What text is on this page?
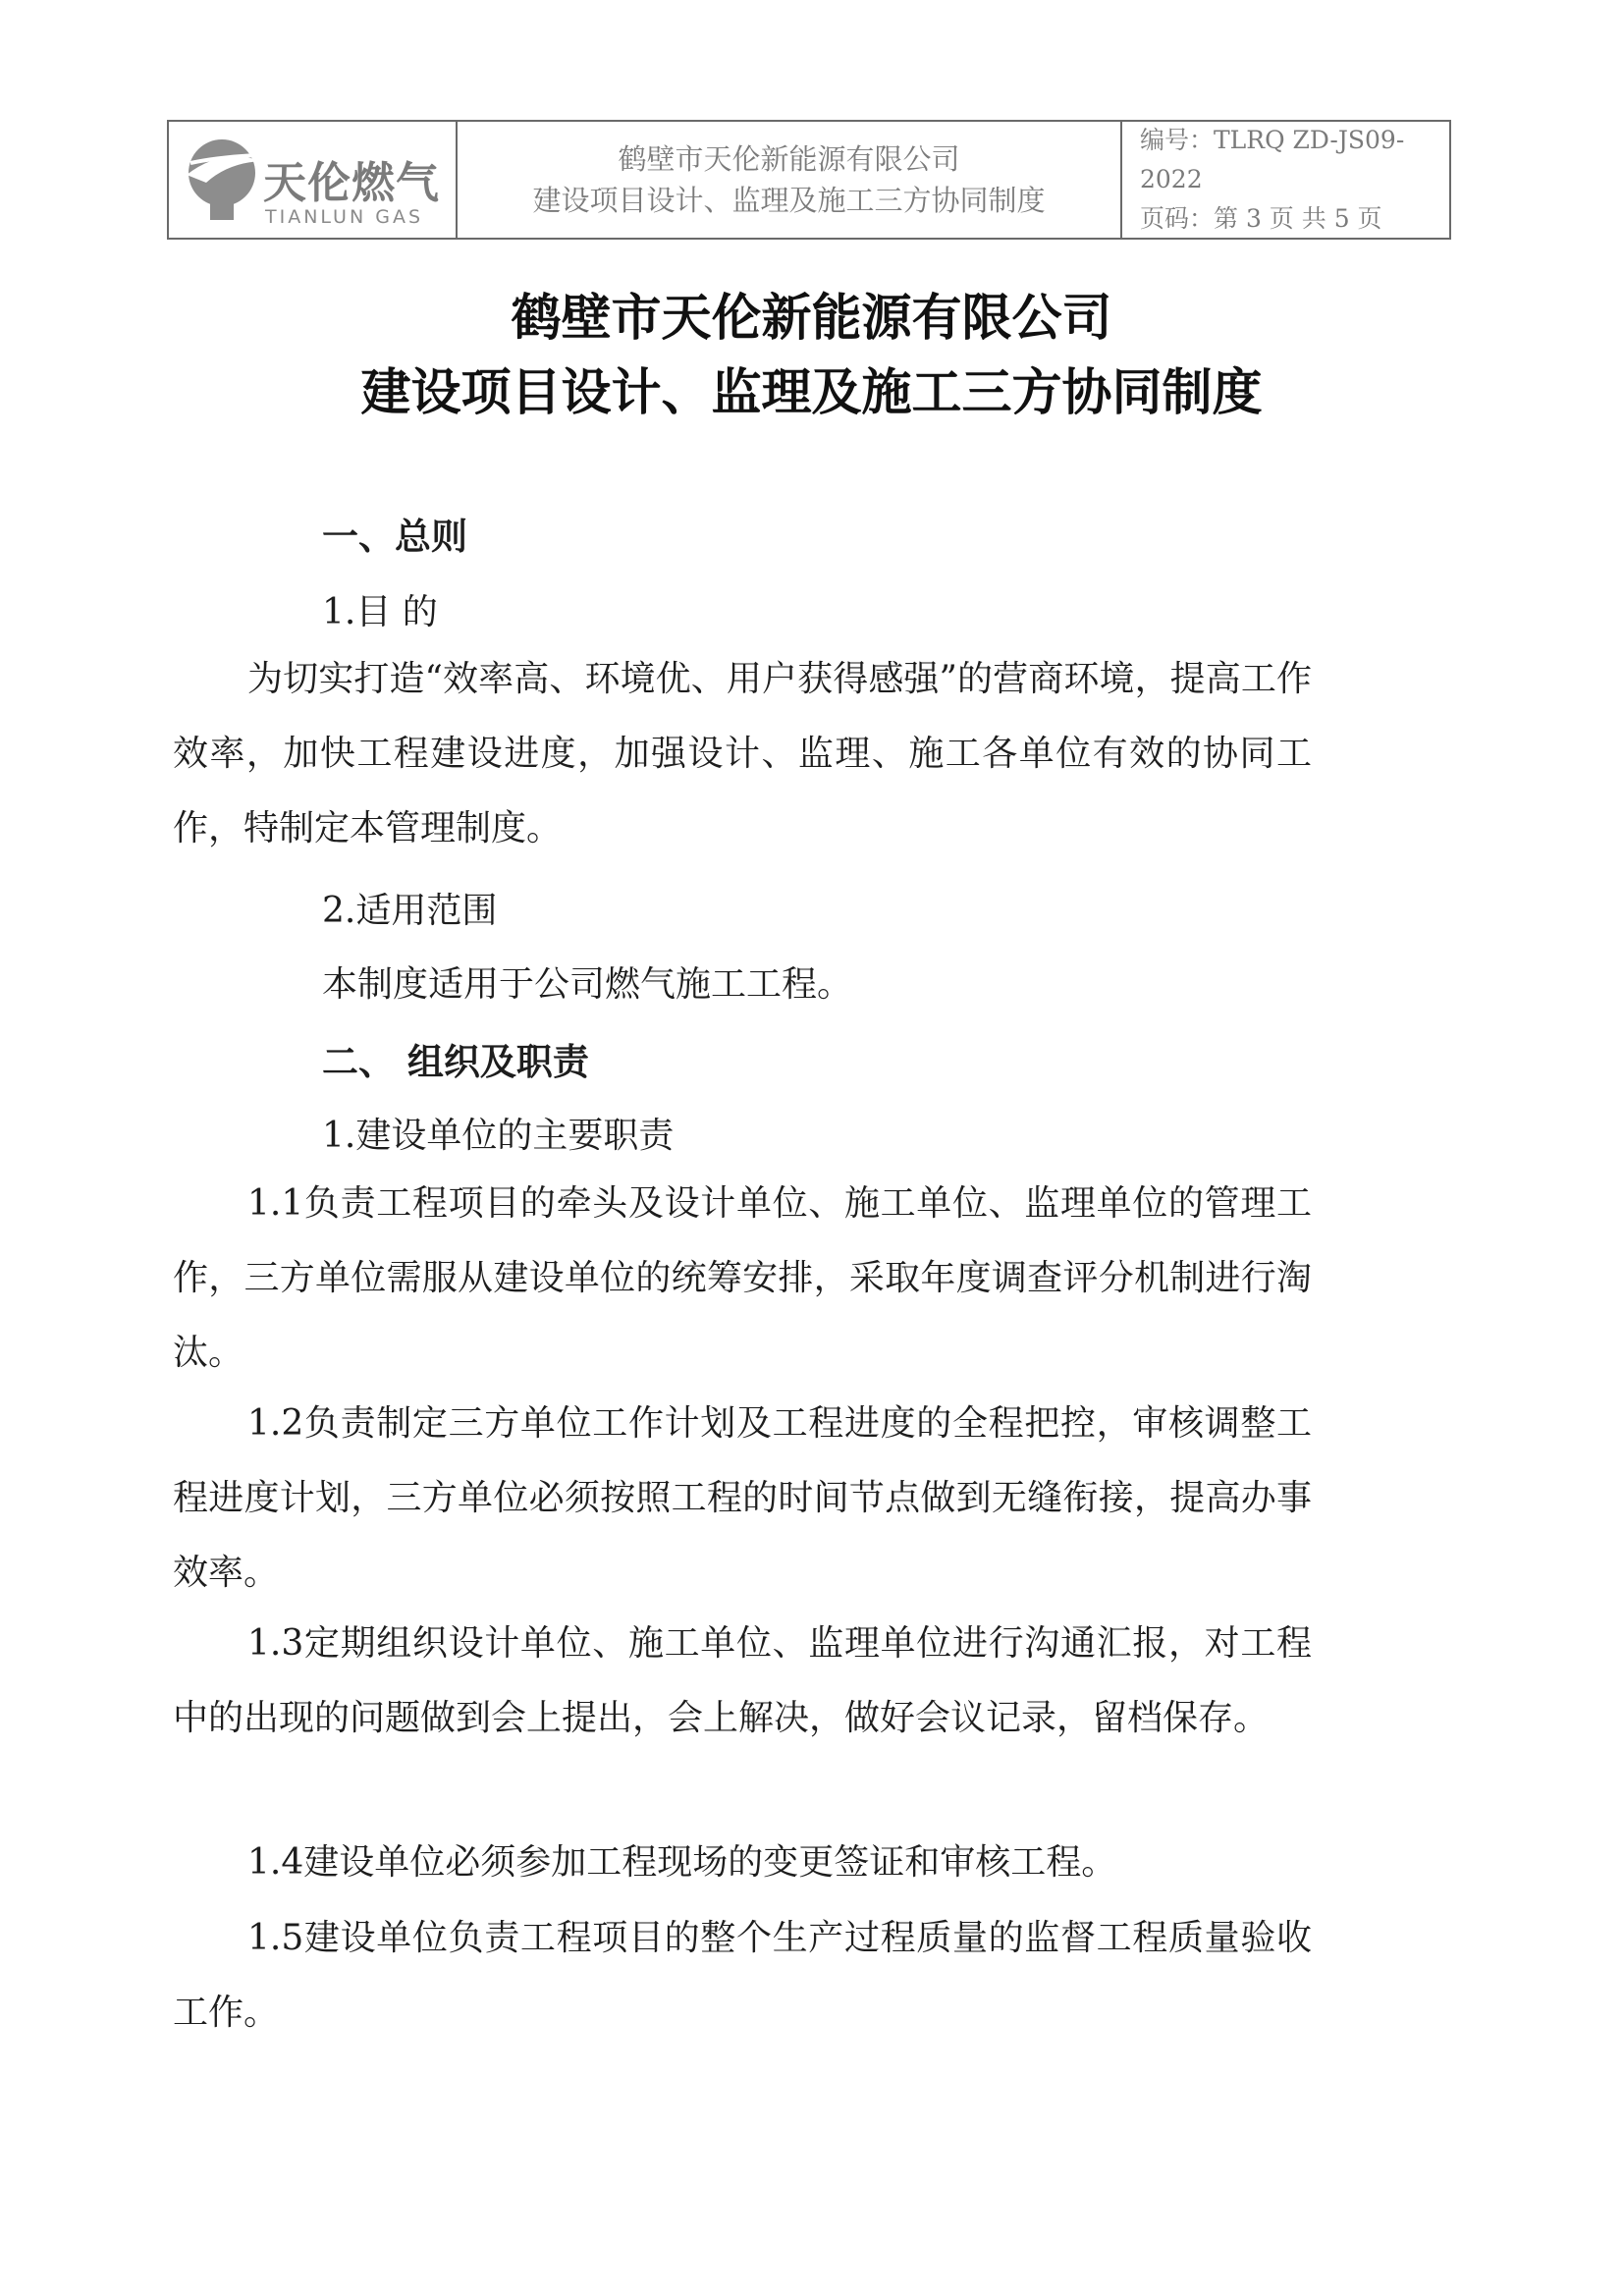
天伦燃气
TIANLUN GAS
鹤壁市天伦新能源有限公司
建设项目设计、监理及施工三方协同制度
编号：TLRQ ZD-JS09-2022
页码：第 3 页 共 5 页
鹤壁市天伦新能源有限公司
建设项目设计、监理及施工三方协同制度

一、总则

1.目 的

为切实打造“效率高、环境优、用户获得感强”的营商环境，提高工作效率，加快工程建设进度，加强设计、监理、施工各单位有效的协同工作，特制定本管理制度。

2.适用范围

本制度适用于公司燃气施工工程。

二、 组织及职责

1.建设单位的主要职责

1.1负责工程项目的牵头及设计单位、施工单位、监理单位的管理工作，三方单位需服从建设单位的统筹安排，采取年度调查评分机制进行淘汰。

1.2负责制定三方单位工作计划及工程进度的全程把控，审核调整工程进度计划，三方单位必须按照工程的时间节点做到无缝衔接，提高办事效率。

1.3定期组织设计单位、施工单位、监理单位进行沟通汇报，对工程中的出现的问题做到会上提出，会上解决，做好会议记录，留档保存。

1.4建设单位必须参加工程现场的变更签证和审核工程。

1.5建设单位负责工程项目的整个生产过程质量的监督工程质量验收工作。
